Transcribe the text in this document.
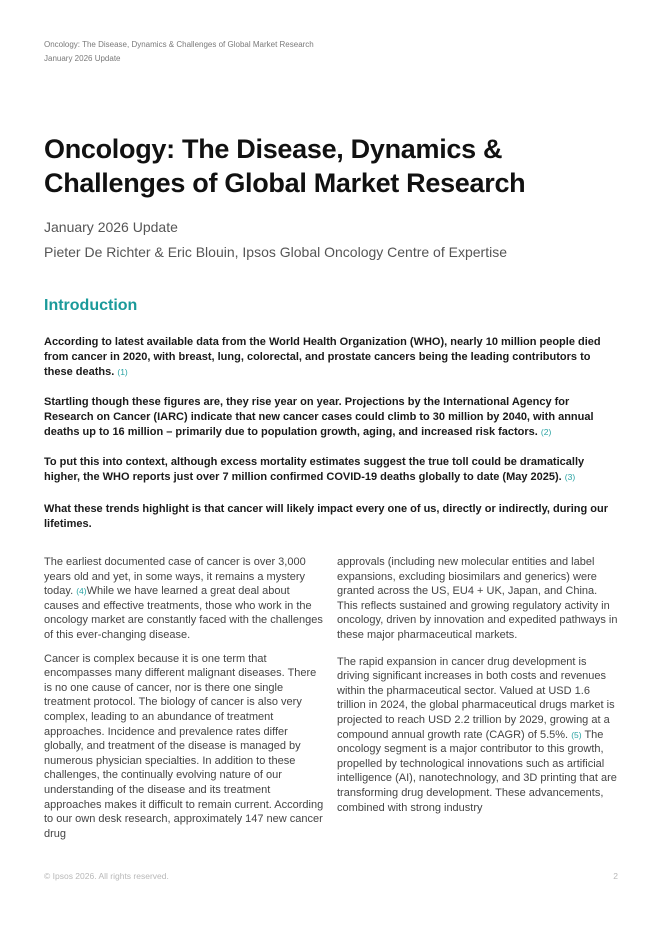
Oncology: The Disease, Dynamics & Challenges of Global Market Research
January 2026 Update
Oncology: The Disease, Dynamics & Challenges of Global Market Research
January 2026 Update
Pieter De Richter & Eric Blouin, Ipsos Global Oncology Centre of Expertise
Introduction

According to latest available data from the World Health Organization (WHO), nearly 10 million people died from cancer in 2020, with breast, lung, colorectal, and prostate cancers being the leading contributors to these deaths. (1)

Startling though these figures are, they rise year on year. Projections by the International Agency for Research on Cancer (IARC) indicate that new cancer cases could climb to 30 million by 2040, with annual deaths up to 16 million – primarily due to population growth, aging, and increased risk factors. (2)

To put this into context, although excess mortality estimates suggest the true toll could be dramatically higher, the WHO reports just over 7 million confirmed COVID-19 deaths globally to date (May 2025). (3)

What these trends highlight is that cancer will likely impact every one of us, directly or indirectly, during our lifetimes.

The earliest documented case of cancer is over 3,000 years old and yet, in some ways, it remains a mystery today. (4)While we have learned a great deal about causes and effective treatments, those who work in the oncology market are constantly faced with the challenges of this ever-changing disease.

Cancer is complex because it is one term that encompasses many different malignant diseases. There is no one cause of cancer, nor is there one single treatment protocol. The biology of cancer is also very complex, leading to an abundance of treatment approaches. Incidence and prevalence rates differ globally, and treatment of the disease is managed by numerous physician specialties. In addition to these challenges, the continually evolving nature of our understanding of the disease and its treatment approaches makes it difficult to remain current. According to our own desk research, approximately 147 new cancer drug

approvals (including new molecular entities and label expansions, excluding biosimilars and generics) were granted across the US, EU4 + UK, Japan, and China. This reflects sustained and growing regulatory activity in oncology, driven by innovation and expedited pathways in these major pharmaceutical markets.

The rapid expansion in cancer drug development is driving significant increases in both costs and revenues within the pharmaceutical sector. Valued at USD 1.6 trillion in 2024, the global pharmaceutical drugs market is projected to reach USD 2.2 trillion by 2029, growing at a compound annual growth rate (CAGR) of 5.5%. (5) The oncology segment is a major contributor to this growth, propelled by technological innovations such as artificial intelligence (AI), nanotechnology, and 3D printing that are transforming drug development. These advancements, combined with strong industry

© Ipsos 2026. All rights reserved.	2
